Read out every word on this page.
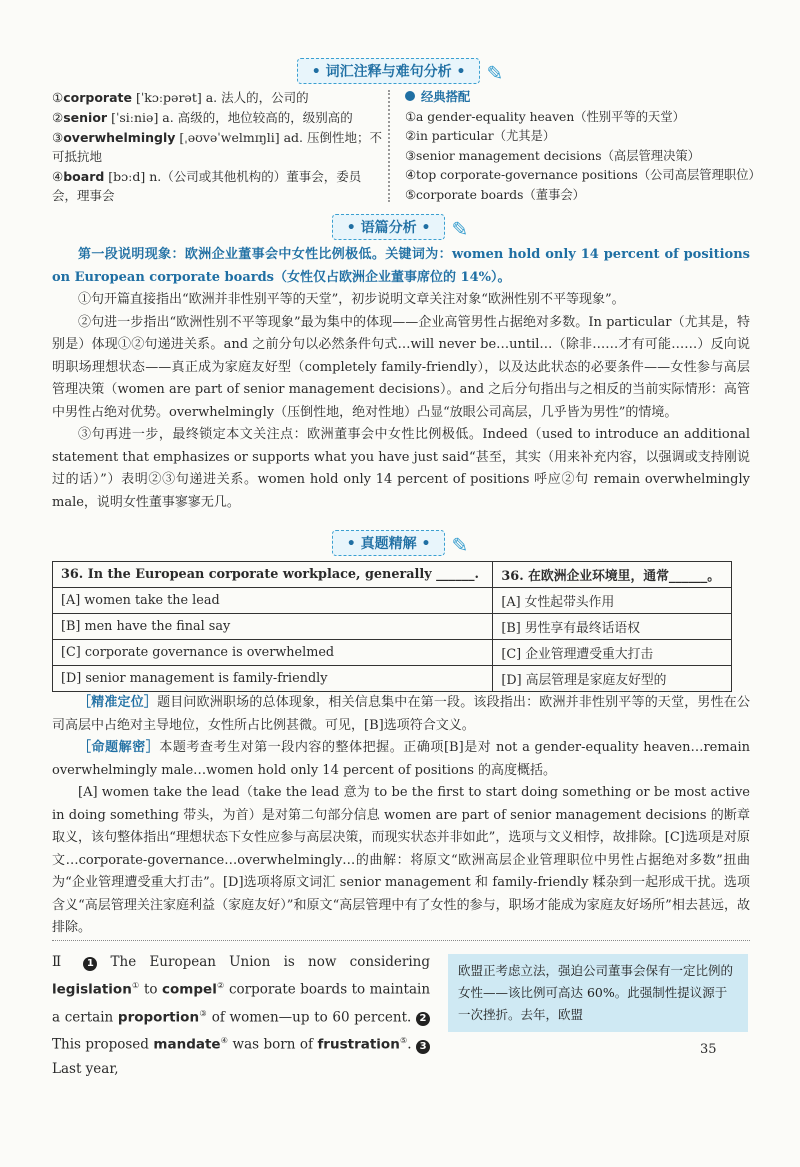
• 词汇注释与难句分析 • ✎

①corporate [ˈkɔːpərət] a. 法人的，公司的

②senior [ˈsiːniə] a. 高级的，地位较高的，级别高的

③overwhelmingly [ˌəʊvəˈwelmɪŋli] ad. 压倒性地；不可抵抗地

④board [bɔːd] n.（公司或其他机构的）董事会，委员会，理事会

经典搭配

①a gender-equality heaven（性别平等的天堂）

②in particular（尤其是）

③senior management decisions（高层管理决策）

④top corporate-governance positions（公司高层管理职位）

⑤corporate boards（董事会）

• 语篇分析 • ✎

第一段说明现象：欧洲企业董事会中女性比例极低。关键词为：women hold only 14 percent of positions on European corporate boards（女性仅占欧洲企业董事席位的 14%）。

①句开篇直接指出“欧洲并非性别平等的天堂”，初步说明文章关注对象“欧洲性别不平等现象”。

②句进一步指出“欧洲性别不平等现象”最为集中的体现——企业高管男性占据绝对多数。In particular（尤其是，特别是）体现①②句递进关系。and 之前分句以必然条件句式…will never be…until…（除非……才有可能……）反向说明职场理想状态——真正成为家庭友好型（completely family-friendly），以及达此状态的必要条件——女性参与高层管理决策（women are part of senior management decisions）。and 之后分句指出与之相反的当前实际情形：高管中男性占绝对优势。overwhelmingly（压倒性地，绝对性地）凸显“放眼公司高层，几乎皆为男性”的情境。

③句再进一步，最终锁定本文关注点：欧洲董事会中女性比例极低。Indeed（used to introduce an additional statement that emphasizes or supports what you have just said“甚至，其实（用来补充内容，以强调或支持刚说过的话）”）表明②③句递进关系。women hold only 14 percent of positions 呼应②句 remain overwhelmingly male，说明女性董事寥寥无几。

• 真题精解 • ✎
36. In the European corporate workplace, generally ______.	36. 在欧洲企业环境里，通常______。
[A] women take the lead	[A] 女性起带头作用
[B] men have the final say	[B] 男性享有最终话语权
[C] corporate governance is overwhelmed	[C] 企业管理遭受重大打击
[D] senior management is family-friendly	[D] 高层管理是家庭友好型的

［精准定位］题目问欧洲职场的总体现象，相关信息集中在第一段。该段指出：欧洲并非性别平等的天堂，男性在公司高层中占绝对主导地位，女性所占比例甚微。可见，[B]选项符合文义。

［命题解密］本题考查考生对第一段内容的整体把握。正确项[B]是对 not a gender-equality heaven…remain overwhelmingly male…women hold only 14 percent of positions 的高度概括。

[A] women take the lead（take the lead 意为 to be the first to start doing something or be most active in doing something 带头，为首）是对第二句部分信息 women are part of senior management decisions 的断章取义，该句整体指出“理想状态下女性应参与高层决策，而现实状态并非如此”，选项与文义相悖，故排除。[C]选项是对原文…corporate-governance…overwhelmingly…的曲解：将原文“欧洲高层企业管理职位中男性占据绝对多数”扭曲为“企业管理遭受重大打击”。[D]选项将原文词汇 senior management 和 family-friendly 糅杂到一起形成干扰。选项含义“高层管理关注家庭利益（家庭友好）”和原文“高层管理中有了女性的参与，职场才能成为家庭友好场所”相去甚远，故排除。

Ⅱ 1 The European Union is now considering legislation① to compel② corporate boards to maintain a certain proportion③ of women—up to 60 percent. 2 This proposed mandate④ was born of frustration⑤. 3 Last year,

欧盟正考虑立法，强迫公司董事会保有一定比例的女性——该比例可高达 60%。此强制性提议源于一次挫折。去年，欧盟
35
